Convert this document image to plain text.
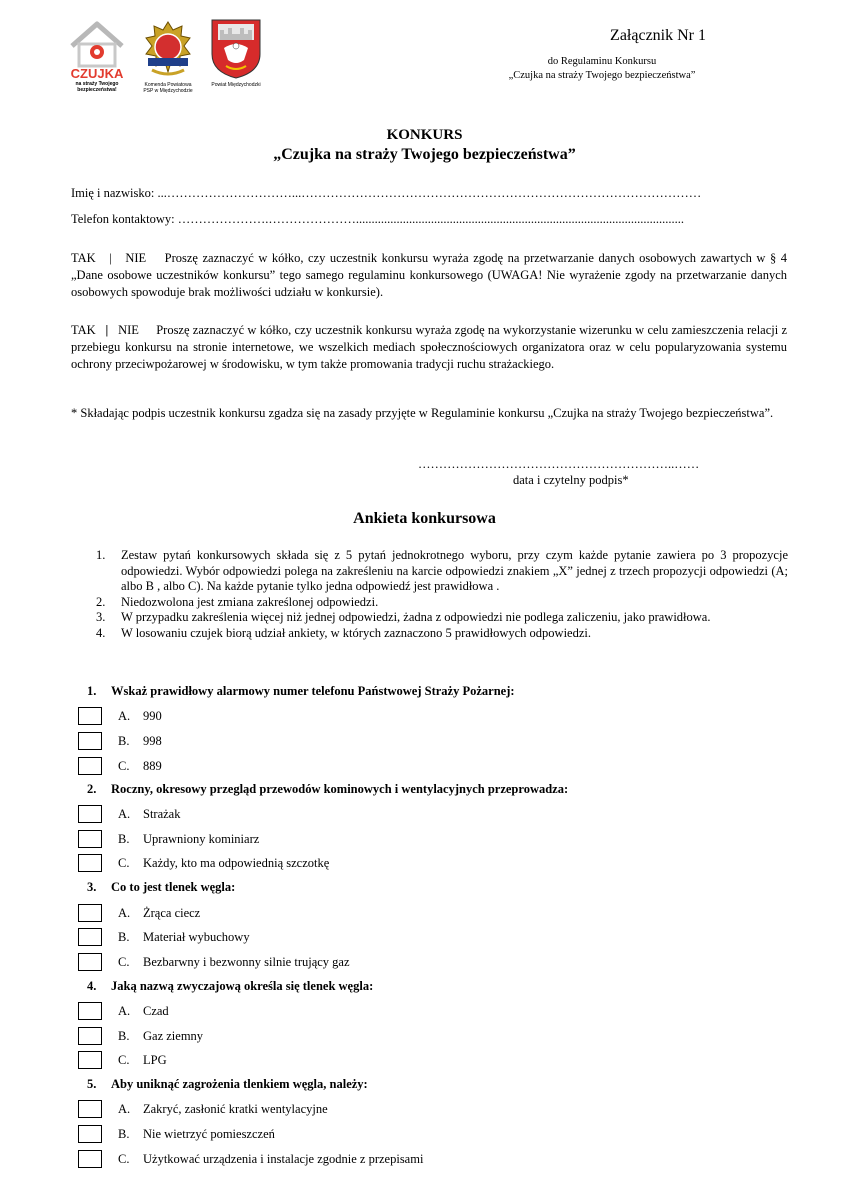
CZUJKA
na straży Twojego bezpieczeństwa!
Komenda Powiatowa PSP w Międzychodzie
Powiat Międzychodzki
Załącznik Nr 1
do Regulaminu Konkursu
„Czujka na straży Twojego bezpieczeństwa”
KONKURS
„Czujka na straży Twojego bezpieczeństwa”
Imię i nazwisko: ...…………………………...……………………………………………………………………………………
Telefon kontaktowy: ………………….………………….........................................................................................................
TAK | NIE Proszę zaznaczyć w kółko, czy uczestnik konkursu wyraża zgodę na przetwarzanie danych osobowych zawartych w § 4 „Dane osobowe uczestników konkursu” tego samego regulaminu konkursowego (UWAGA! Nie wyrażenie zgody na przetwarzanie danych osobowych spowoduje brak możliwości udziału w konkursie).
TAK | NIE Proszę zaznaczyć w kółko, czy uczestnik konkursu wyraża zgodę na wykorzystanie wizerunku w celu zamieszczenia relacji z przebiegu konkursu na stronie internetowe, we wszelkich mediach społecznościowych organizatora oraz w celu popularyzowania systemu ochrony przeciwpożarowej w środowisku, w tym także promowania tradycji ruchu strażackiego.
* Składając podpis uczestnik konkursu zgadza się na zasady przyjęte w Regulaminie konkursu „Czujka na straży Twojego bezpieczeństwa”.
……………………………………………………..……
data i czytelny podpis*
Ankieta konkursowa
1.	Zestaw pytań konkursowych składa się z 5 pytań jednokrotnego wyboru, przy czym każde pytanie zawiera po 3 propozycje odpowiedzi. Wybór odpowiedzi polega na zakreśleniu na karcie odpowiedzi znakiem „X” jednej z trzech propozycji odpowiedzi (A; albo B , albo C). Na każde pytanie tylko jedna odpowiedź jest prawidłowa .
2.	Niedozwolona jest zmiana zakreślonej odpowiedzi.
3.	W przypadku zakreślenia więcej niż jednej odpowiedzi, żadna z odpowiedzi nie podlega zaliczeniu, jako prawidłowa.
4.	W losowaniu czujek biorą udział ankiety, w których zaznaczono 5 prawidłowych odpowiedzi.
1. Wskaż prawidłowy alarmowy numer telefonu Państwowej Straży Pożarnej:
A.	990
B.	998
C.	889
2. Roczny, okresowy przegląd przewodów kominowych i wentylacyjnych przeprowadza:
A.	Strażak
B.	Uprawniony kominiarz
C.	Każdy, kto ma odpowiednią szczotkę
3. Co to jest tlenek węgla:
A.	Żrąca ciecz
B.	Materiał wybuchowy
C.	Bezbarwny i bezwonny silnie trujący gaz
4. Jaką nazwą zwyczajową określa się tlenek węgla:
A.	Czad
B.	Gaz ziemny
C.	LPG
5. Aby uniknąć zagrożenia tlenkiem węgla, należy:
A.	Zakryć, zasłonić kratki wentylacyjne
B.	Nie wietrzyć pomieszczeń
C.	Użytkować urządzenia i instalacje zgodnie z przepisami
